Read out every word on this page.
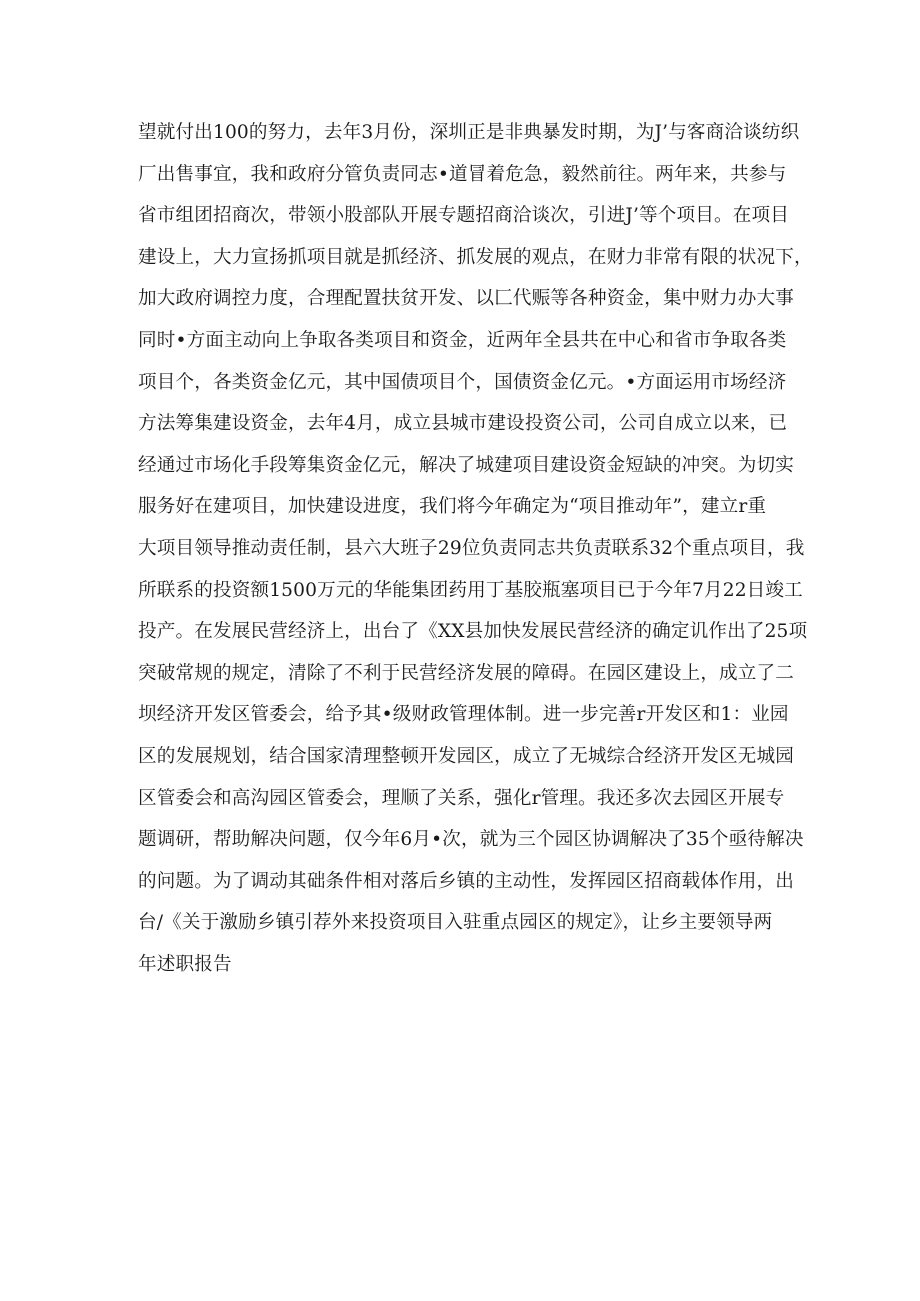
望就付出100的努力，去年3月份，深圳正是非典暴发时期，为J’与客商洽谈纺织
厂出售事宜，我和政府分管负责同志•道冒着危急，毅然前往。两年来，共参与
省市组团招商次，带领小股部队开展专题招商洽谈次，引进J’等个项目。在项目
建设上，大力宣扬抓项目就是抓经济、抓发展的观点，在财力非常有限的状况下，
加大政府调控力度，合理配置扶贫开发、以匚代赈等各种资金，集中财力办大事
同时•方面主动向上争取各类项目和资金，近两年全县共在中心和省市争取各类
项目个，各类资金亿元，其中国债项目个，国债资金亿元。•方面运用市场经济
方法筹集建设资金，去年4月，成立县城市建设投资公司，公司自成立以来，已
经通过市场化手段筹集资金亿元，解决了城建项目建设资金短缺的冲突。为切实
服务好在建项目，加快建设进度，我们将今年确定为“项目推动年”，建立r重
大项目领导推动责任制，县六大班子29位负责同志共负责联系32个重点项目，我
所联系的投资额1500万元的华能集团药用丁基胶瓶塞项目已于今年7月22日竣工
投产。在发展民营经济上，出台了《XX县加快发展民营经济的确定讥作出了25项
突破常规的规定，清除了不利于民营经济发展的障碍。在园区建设上，成立了二
坝经济开发区管委会，给予其•级财政管理体制。进一步完善r开发区和1：业园
区的发展规划，结合国家清理整顿开发园区，成立了无城综合经济开发区无城园
区管委会和高沟园区管委会，理顺了关系，强化r管理。我还多次去园区开展专
题调研，帮助解决问题，仅今年6月•次，就为三个园区协调解决了35个亟待解决
的问题。为了调动其础条件相对落后乡镇的主动性，发挥园区招商载体作用，出
台/《关于激励乡镇引荐外来投资项目入驻重点园区的规定》，让乡主要领导两
年述职报告
